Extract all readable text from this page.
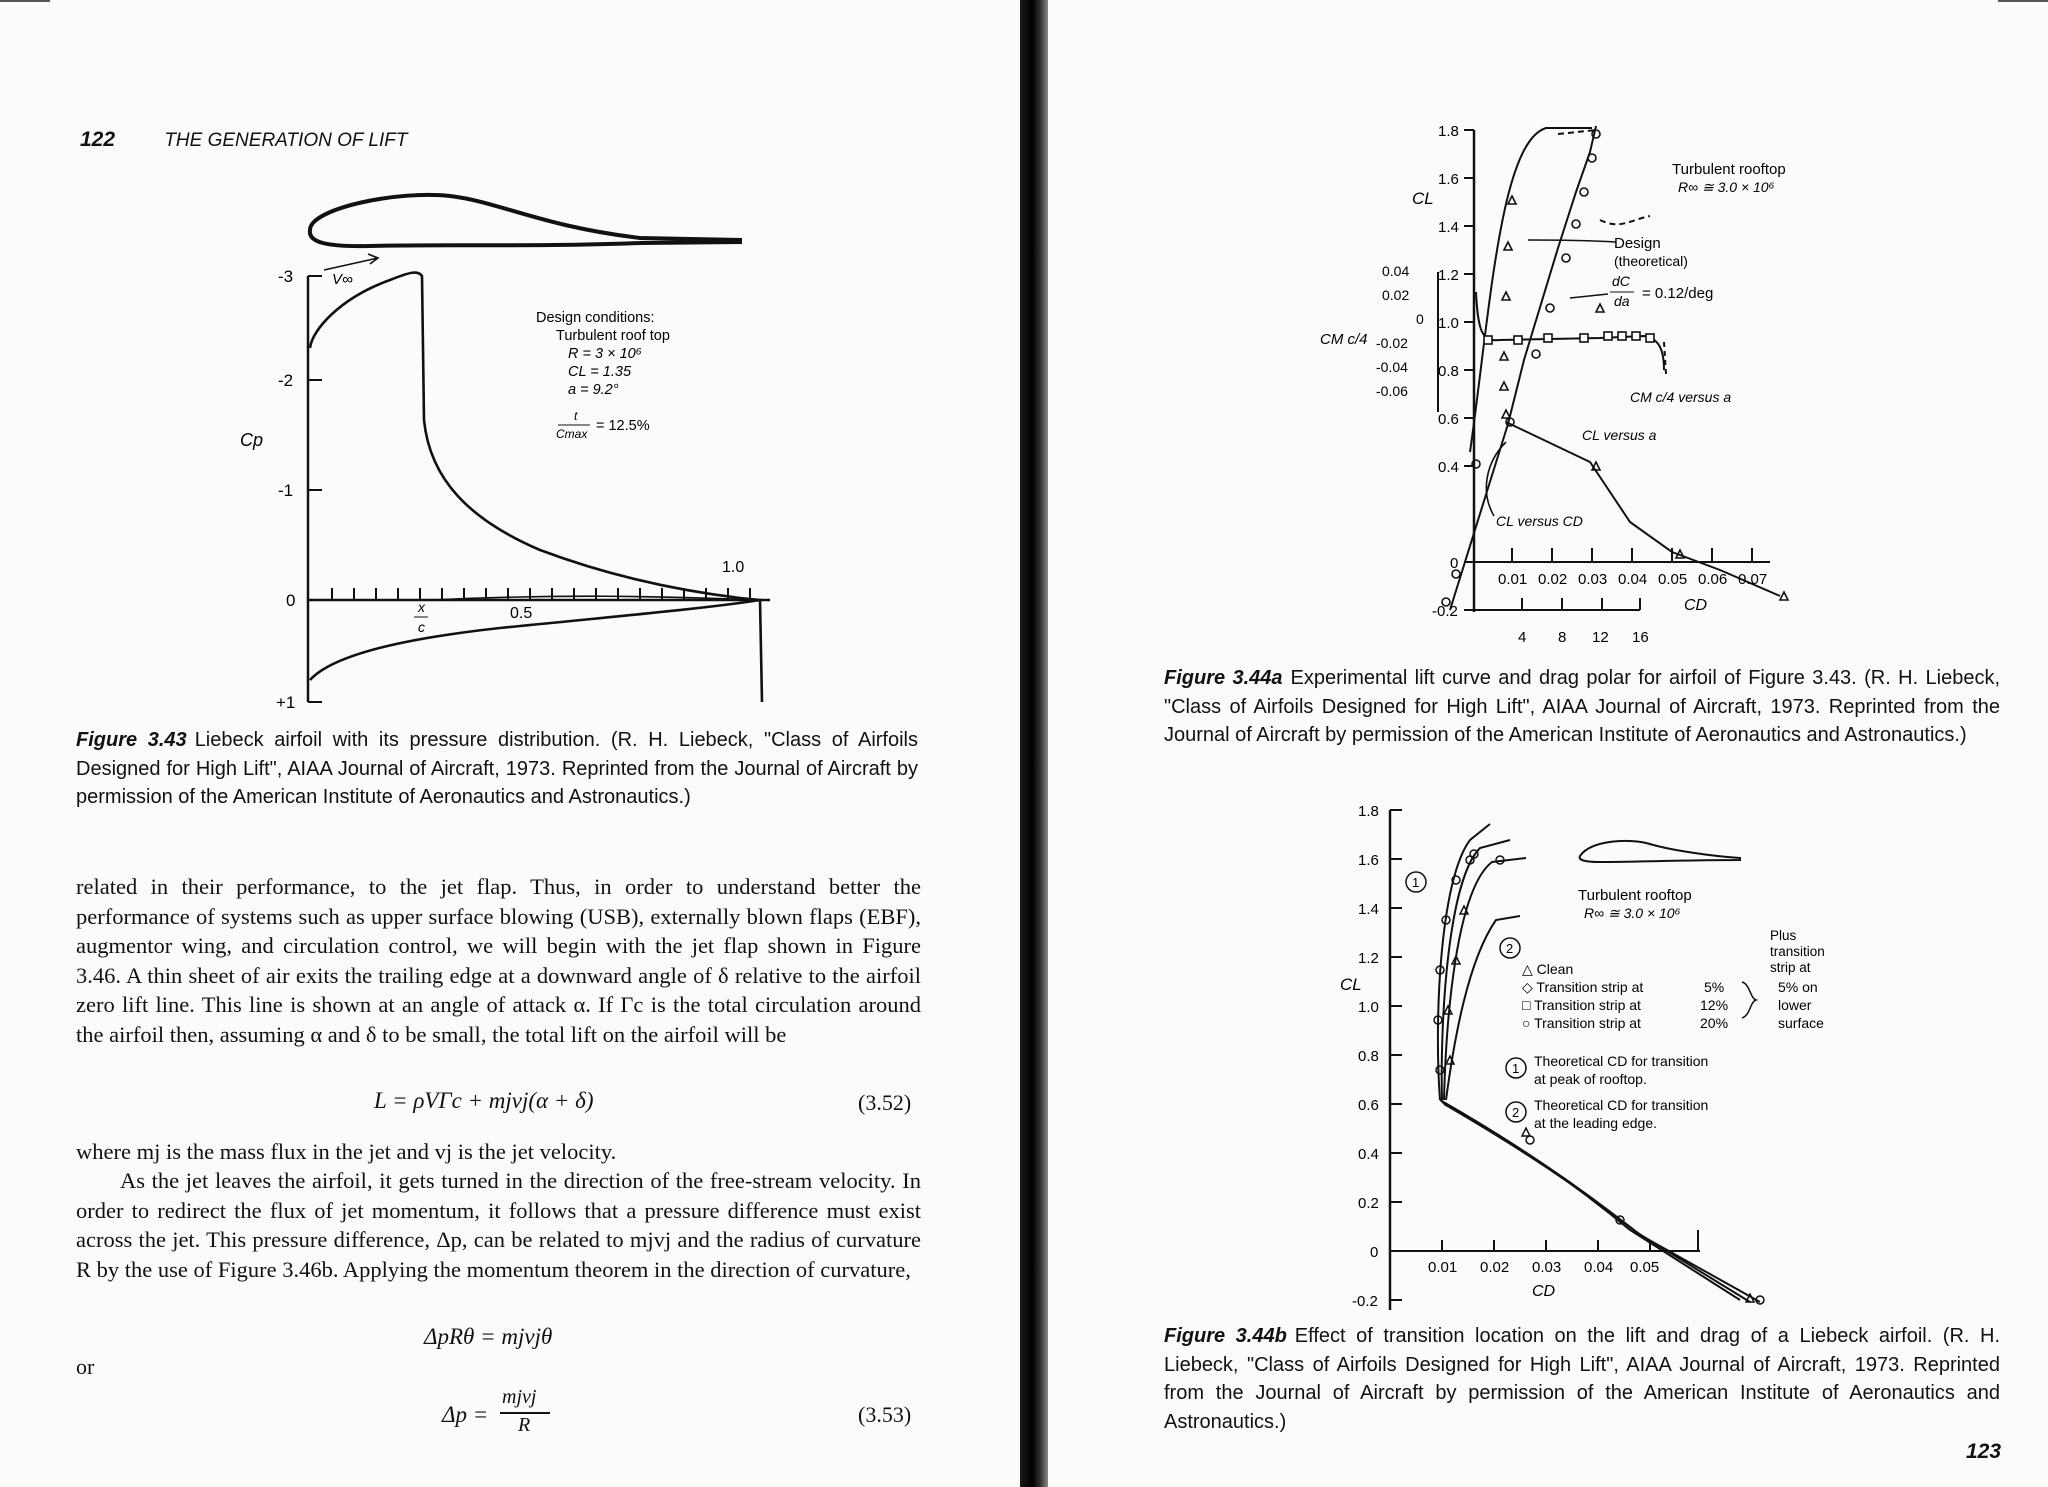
122	THE GENERATION OF LIFT
-3
-2
-1
0
+1
Cp
V∞
0.5
1.0
x
c
Design conditions:
Turbulent roof top
R = 3 × 10⁶
CL = 1.35
a = 9.2°
t
Cmax = 12.5%
Figure 3.43 Liebeck airfoil with its pressure distribution. (R. H. Liebeck, "Class of Airfoils Designed for High Lift", AIAA Journal of Aircraft, 1973. Reprinted from the Journal of Aircraft by permission of the American Institute of Aeronautics and Astronautics.)
related in their performance, to the jet flap. Thus, in order to understand better the performance of systems such as upper surface blowing (USB), externally blown flaps (EBF), augmentor wing, and circulation control, we will begin with the jet flap shown in Figure 3.46. A thin sheet of air exits the trailing edge at a downward angle of δ relative to the airfoil zero lift line. This line is shown at an angle of attack α. If Γc is the total circulation around the airfoil then, assuming α and δ to be small, the total lift on the airfoil will be
L = ρVΓc + mjvj(α + δ)	(3.52)
where mj is the mass flux in the jet and vj is the jet velocity.
As the jet leaves the airfoil, it gets turned in the direction of the free-stream velocity. In order to redirect the flux of jet momentum, it follows that a pressure difference must exist across the jet. This pressure difference, Δp, can be related to mjvj and the radius of curvature R by the use of Figure 3.46b. Applying the momentum theorem in the direction of curvature,
ΔpRθ = mjvjθ
or
Δp =
mjvj
R	(3.53)
1.8
1.6
1.4
1.2
1.0
0.8
0.6
0.4
0
-0.2
CL
0.04
0.02
0
-0.02
-0.04
-0.06
CM c/4
0.01 0.02 0.03 0.04 0.05 0.06 0.07
CD
4 8 12 16
Turbulent rooftop
R∞ ≅ 3.0 × 10⁶
Design
(theoretical)
dC
da = 0.12/deg
CM c/4 versus a
CL versus a
CL versus CD
Figure 3.44a Experimental lift curve and drag polar for airfoil of Figure 3.43. (R. H. Liebeck, "Class of Airfoils Designed for High Lift", AIAA Journal of Aircraft, 1973. Reprinted from the Journal of Aircraft by permission of the American Institute of Aeronautics and Astronautics.)
1.8
1.6
1.4
1.2
1.0
0.8
0.6
0.4
0.2
0
-0.2
CL
0.01 0.02 0.03 0.04 0.05
CD
Turbulent rooftop
R∞ ≅ 3.0 × 10⁶
Plus
transition
strip at
△ Clean
◇ Transition strip at
□ Transition strip at
○ Transition strip at
5%
12%
20%
5% on
lower
surface
1
2
1 Theoretical CD for transition
at peak of rooftop.
2 Theoretical CD for transition
at the leading edge.
Figure 3.44b Effect of transition location on the lift and drag of a Liebeck airfoil. (R. H. Liebeck, "Class of Airfoils Designed for High Lift", AIAA Journal of Aircraft, 1973. Reprinted from the Journal of Aircraft by permission of the American Institute of Aeronautics and Astronautics.)
123
